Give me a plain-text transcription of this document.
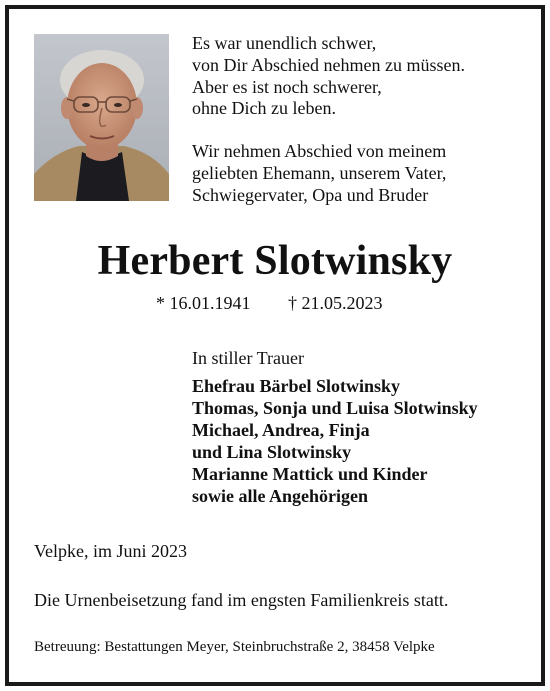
Es war unendlich schwer,

von Dir Abschied nehmen zu müssen.

Aber es ist noch schwerer,

ohne Dich zu leben.

Wir nehmen Abschied von meinem

geliebten Ehemann, unserem Vater,

Schwiegervater, Opa und Bruder

Herbert Slotwinsky
* 16.01.1941 † 21.05.2023
In stiller Trauer
Ehefrau Bärbel Slotwinsky
Thomas, Sonja und Luisa Slotwinsky
Michael, Andrea, Finja
und Lina Slotwinsky
Marianne Mattick und Kinder
sowie alle Angehörigen
Velpke, im Juni 2023
Die Urnenbeisetzung fand im engsten Familienkreis statt.
Betreuung: Bestattungen Meyer, Steinbruchstraße 2, 38458 Velpke
